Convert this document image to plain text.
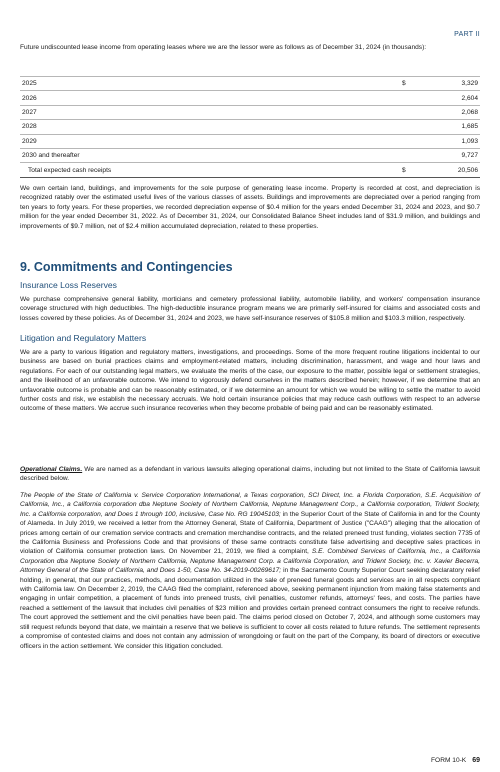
PART II

Future undiscounted lease income from operating leases where we are the lessor were as follows as of December 31, 2024 (in thousands):

2025	$	3,329
2026		2,604
2027		2,068
2028		1,685
2029		1,093
2030 and thereafter		9,727
Total expected cash receipts	$	20,506

We own certain land, buildings, and improvements for the sole purpose of generating lease income. Property is recorded at cost, and depreciation is recognized ratably over the estimated useful lives of the various classes of assets. Buildings and improvements are depreciated over a period ranging from ten years to forty years. For these properties, we recorded depreciation expense of $0.4 million for the years ended December 31, 2024 and 2023, and $0.7 million for the year ended December 31, 2022. As of December 31, 2024, our Consolidated Balance Sheet includes land of $31.9 million, and buildings and improvements of $9.7 million, net of $2.4 million accumulated depreciation, related to these properties.

9. Commitments and Contingencies
Insurance Loss Reserves

We purchase comprehensive general liability, morticians and cemetery professional liability, automobile liability, and workers' compensation insurance coverage structured with high deductibles. The high-deductible insurance program means we are primarily self-insured for claims and associated costs and losses covered by these policies. As of December 31, 2024 and 2023, we have self-insurance reserves of $105.8 million and $103.3 million, respectively.

Litigation and Regulatory Matters

We are a party to various litigation and regulatory matters, investigations, and proceedings. Some of the more frequent routine litigations incidental to our business are based on burial practices claims and employment-related matters, including discrimination, harassment, and wage and hour laws and regulations. For each of our outstanding legal matters, we evaluate the merits of the case, our exposure to the matter, possible legal or settlement strategies, and the likelihood of an unfavorable outcome. We intend to vigorously defend ourselves in the matters described herein; however, if we determine that an unfavorable outcome is probable and can be reasonably estimated, or if we determine an amount for which we would be willing to settle the matter to avoid further costs and risk, we establish the necessary accruals. We hold certain insurance policies that may reduce cash outflows with respect to an adverse outcome of these matters. We accrue such insurance recoveries when they become probable of being paid and can be reasonably estimated.

Operational Claims. We are named as a defendant in various lawsuits alleging operational claims, including but not limited to the State of California lawsuit described below.

The People of the State of California v. Service Corporation International, a Texas corporation, SCI Direct, Inc. a Florida Corporation, S.E. Acquisition of California, Inc., a California corporation dba Neptune Society of Northern California, Neptune Management Corp., a California corporation, Trident Society, Inc. a California corporation, and Does 1 through 100, inclusive, Case No. RG 19045103; in the Superior Court of the State of California in and for the County of Alameda. In July 2019, we received a letter from the Attorney General, State of California, Department of Justice ("CAAG") alleging that the allocation of prices among certain of our cremation service contracts and cremation merchandise contracts, and the related preneed trust funding, violates section 7735 of the California Business and Professions Code and that provisions of these same contracts constitute false advertising and deceptive sales practices in violation of California consumer protection laws. On November 21, 2019, we filed a complaint, S.E. Combined Services of California, Inc., a California Corporation dba Neptune Society of Northern California, Neptune Management Corp. a California Corporation, and Trident Society, Inc. v. Xavier Becerra, Attorney General of the State of California, and Does 1-50, Case No. 34-2019-00269617; in the Sacramento County Superior Court seeking declaratory relief holding, in general, that our practices, methods, and documentation utilized in the sale of preneed funeral goods and services are in all respects compliant with California law. On December 2, 2019, the CAAG filed the complaint, referenced above, seeking permanent injunction from making false statements and engaging in unfair competition, a placement of funds into preneed trusts, civil penalties, customer refunds, attorneys' fees, and costs. The parties have reached a settlement of the lawsuit that includes civil penalties of $23 million and provides certain preneed contract consumers the right to receive refunds. The court approved the settlement and the civil penalties have been paid. The claims period closed on October 7, 2024, and although some customers may still request refunds beyond that date, we maintain a reserve that we believe is sufficient to cover all costs related to future refunds. The settlement represents a compromise of contested claims and does not contain any admission of wrongdoing or fault on the part of the Company, its board of directors or executive officers in the action settlement. We consider this litigation concluded.

FORM 10-K 69
